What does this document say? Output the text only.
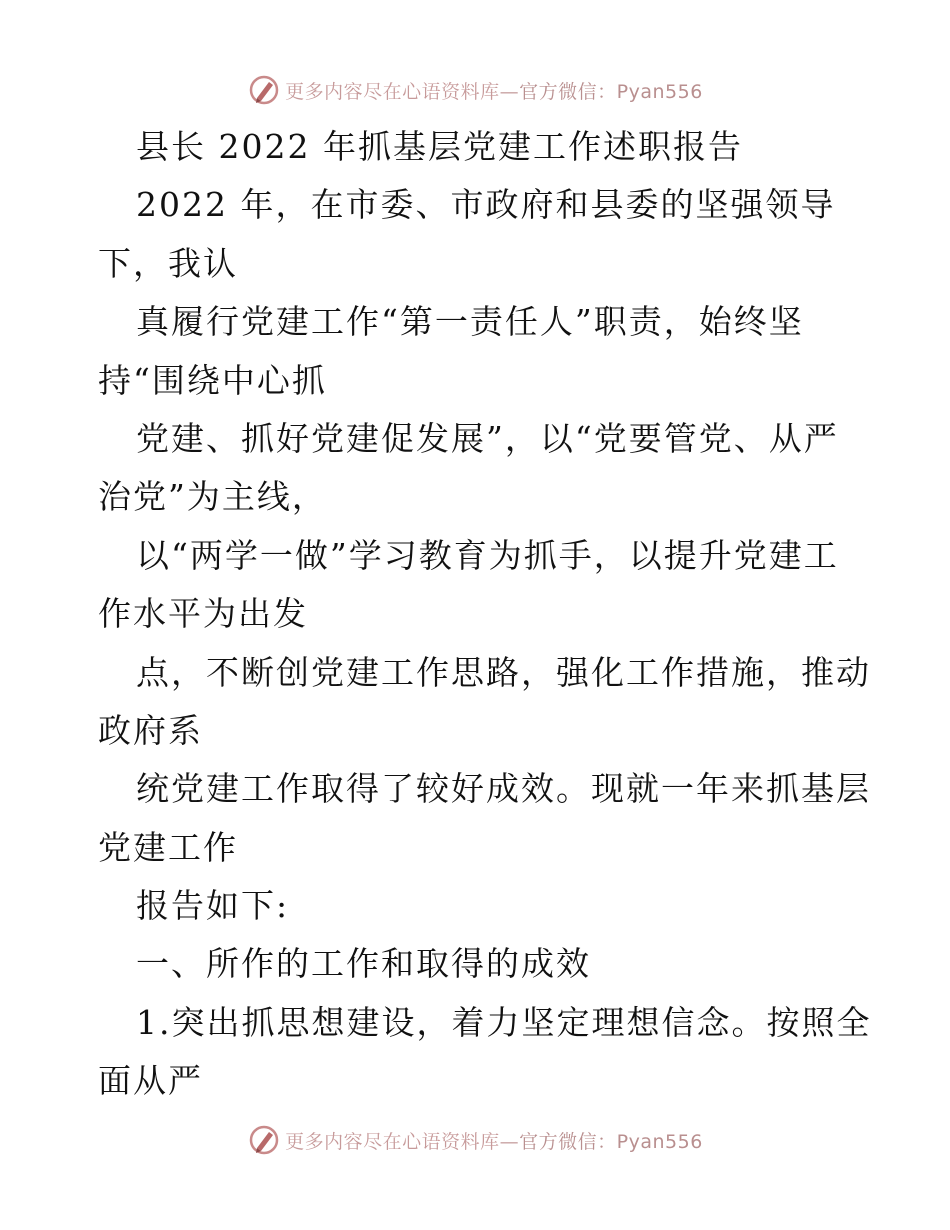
更多内容尽在心语资料库—官方微信：Pyan556
县长 2022 年抓基层党建工作述职报告
2022 年，在市委、市政府和县委的坚强领导
下，我认
真履行党建工作“第一责任人”职责，始终坚
持“围绕中心抓
党建、抓好党建促发展”，以“党要管党、从严
治党”为主线，
以“两学一做”学习教育为抓手，以提升党建工
作水平为出发
点，不断创党建工作思路，强化工作措施，推动
政府系
统党建工作取得了较好成效。现就一年来抓基层
党建工作
报告如下:
一、所作的工作和取得的成效
1.突出抓思想建设，着力坚定理想信念。按照全
面从严
更多内容尽在心语资料库—官方微信：Pyan556
